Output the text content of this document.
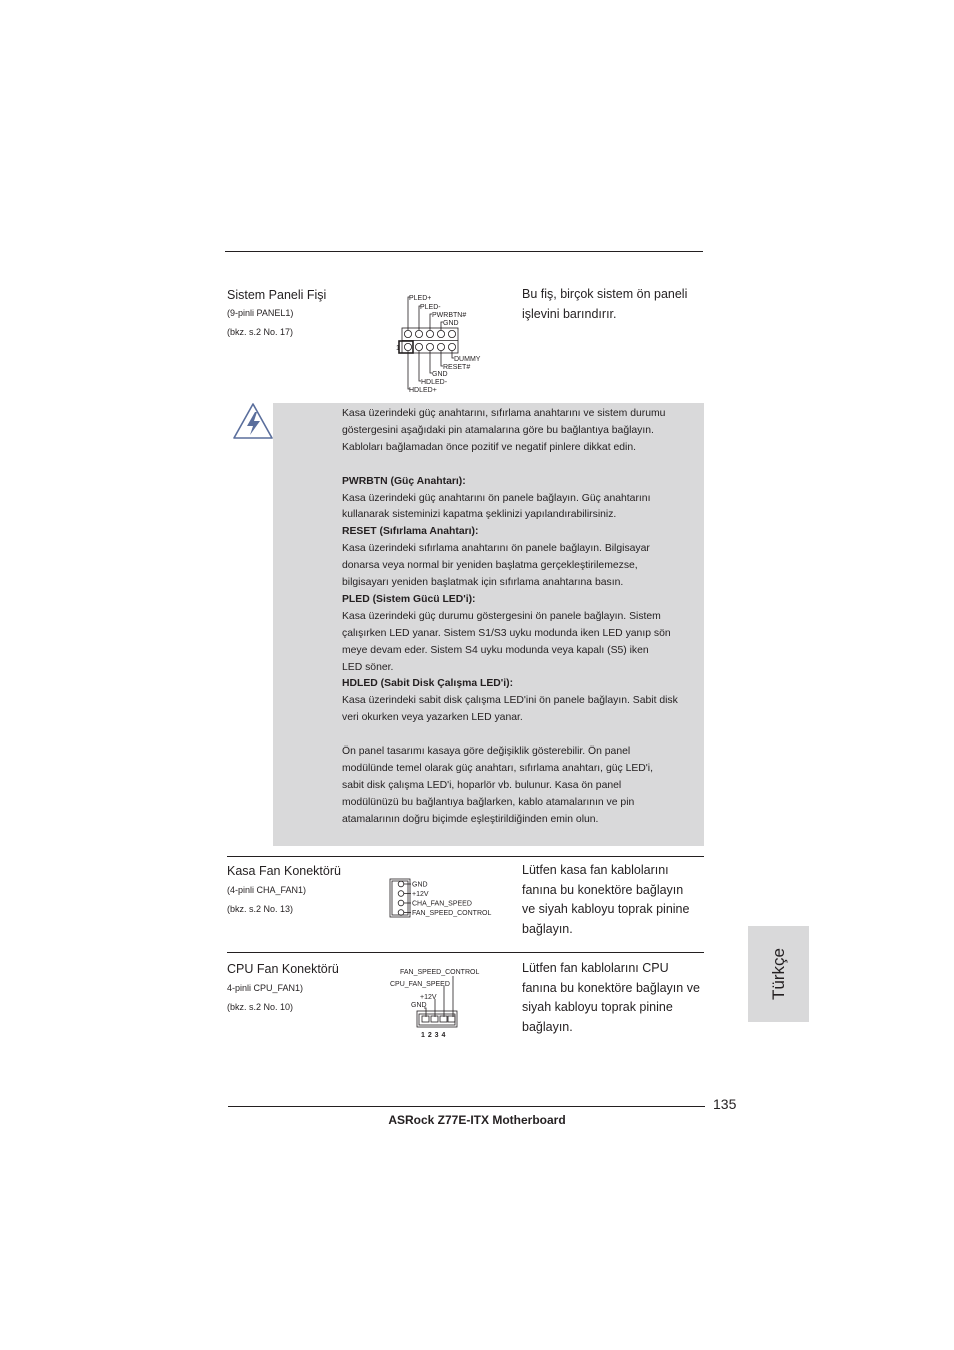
Sistem Paneli Fişi
(9-pinli PANEL1)
(bkz. s.2 No. 17)
1
PLED+
PLED-
PWRBTN#
GND
DUMMY
RESET#
GND
HDLED-
HDLED+
Bu fiş, birçok sistem ön paneli
işlevini barındırır.

Kasa üzerindeki güç anahtarını, sıfırlama anahtarını ve sistem durumu

göstergesini aşağıdaki pin atamalarına göre bu bağlantıya bağlayın.

Kabloları bağlamadan önce pozitif ve negatif pinlere dikkat edin.

PWRBTN (Güç Anahtarı):

Kasa üzerindeki güç anahtarını ön panele bağlayın. Güç anahtarını

kullanarak sisteminizi kapatma şeklinizi yapılandırabilirsiniz.

RESET (Sıfırlama Anahtarı):

Kasa üzerindeki sıfırlama anahtarını ön panele bağlayın. Bilgisayar

donarsa veya normal bir yeniden başlatma gerçekleştirilemezse,

bilgisayarı yeniden başlatmak için sıfırlama anahtarına basın.

PLED (Sistem Gücü LED'i):

Kasa üzerindeki güç durumu göstergesini ön panele bağlayın. Sistem

çalışırken LED yanar. Sistem S1/S3 uyku modunda iken LED yanıp sön

meye devam eder. Sistem S4 uyku modunda veya kapalı (S5) iken

LED söner.

HDLED (Sabit Disk Çalışma LED'i):

Kasa üzerindeki sabit disk çalışma LED'ini ön panele bağlayın. Sabit disk

veri okurken veya yazarken LED yanar.

Ön panel tasarımı kasaya göre değişiklik gösterebilir. Ön panel

modülünde temel olarak güç anahtarı, sıfırlama anahtarı, güç LED'i,

sabit disk çalışma LED'i, hoparlör vb. bulunur. Kasa ön panel

modülünüzü bu bağlantıya bağlarken, kablo atamalarının ve pin

atamalarının doğru biçimde eşleştirildiğinden emin olun.

Kasa Fan Konektörü
(4-pinli CHA_FAN1)
(bkz. s.2 No. 13)
GND
+12V
CHA_FAN_SPEED
FAN_SPEED_CONTROL
Lütfen kasa fan kablolarını
fanına bu konektöre bağlayın
ve siyah kabloyu toprak pinine
bağlayın.
CPU Fan Konektörü
4-pinli CPU_FAN1)
(bkz. s.2 No. 10)
FAN_SPEED_CONTROL
CPU_FAN_SPEED
+12V
GND
1 2 3 4
Lütfen fan kablolarını CPU
fanına bu konektöre bağlayın ve
siyah kabloyu toprak pinine
bağlayın.
Türkçe
135
ASRock Z77E-ITX Motherboard
